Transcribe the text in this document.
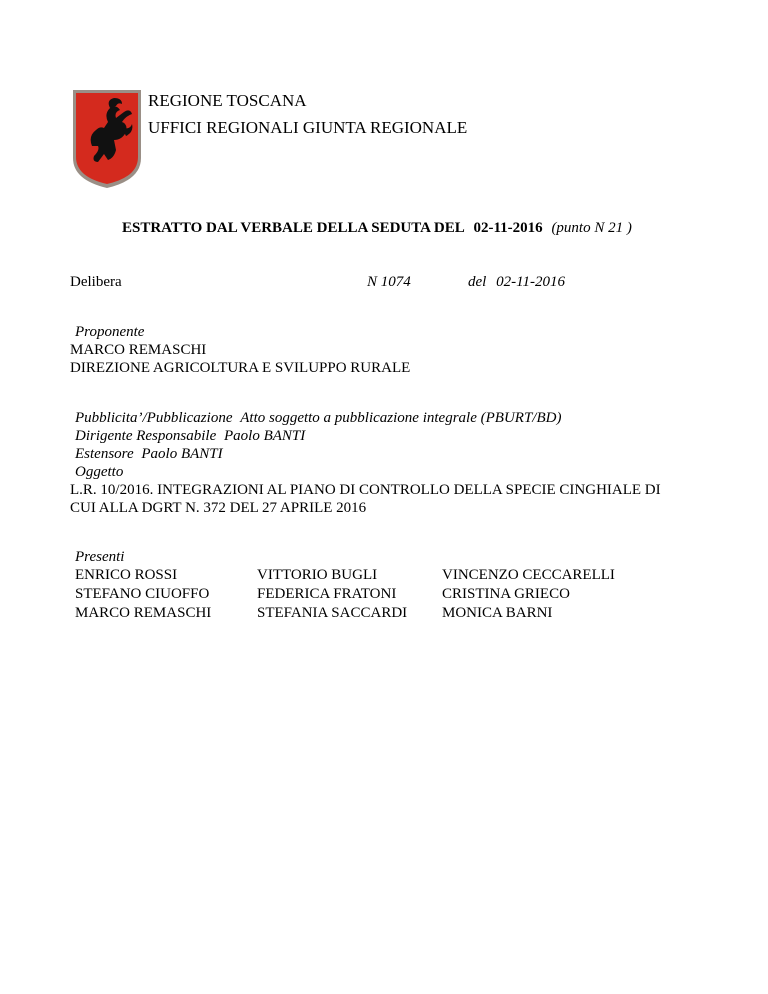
REGIONE TOSCANA
UFFICI REGIONALI GIUNTA REGIONALE
ESTRATTO DAL VERBALE DELLA SEDUTA DEL 02-11-2016 (punto N 21 )
Delibera	N 1074	del 02-11-2016
Proponente
MARCO REMASCHI
DIREZIONE AGRICOLTURA E SVILUPPO RURALE
Pubblicita’/Pubblicazione Atto soggetto a pubblicazione integrale (PBURT/BD)
Dirigente Responsabile Paolo BANTI
Estensore Paolo BANTI
Oggetto
L.R. 10/2016. INTEGRAZIONI AL PIANO DI CONTROLLO DELLA SPECIE CINGHIALE DI
CUI ALLA DGRT N. 372 DEL 27 APRILE 2016
Presenti
ENRICO ROSSI
STEFANO CIUOFFO
MARCO REMASCHI
VITTORIO BUGLI
FEDERICA FRATONI
STEFANIA SACCARDI
VINCENZO CECCARELLI
CRISTINA GRIECO
MONICA BARNI
